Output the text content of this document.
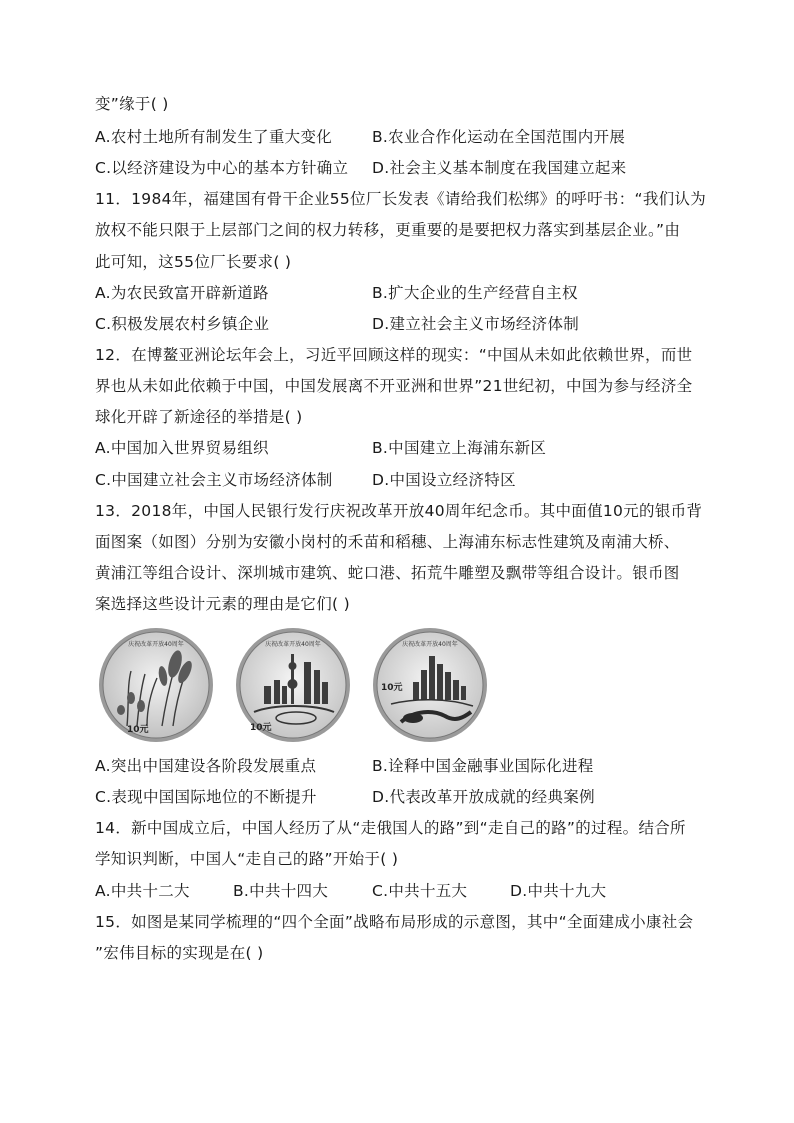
变”缘于( )
A.农村土地所有制发生了重大变化	B.农业合作化运动在全国范围内开展
C.以经济建设为中心的基本方针确立 D.社会主义基本制度在我国建立起来
11．1984年，福建国有骨干企业55位厂长发表《请给我们松绑》的呼吁书：“我们认为
放权不能只限于上层部门之间的权力转移，更重要的是要把权力落实到基层企业。”由
此可知，这55位厂长要求( )
A.为农民致富开辟新道路	B.扩大企业的生产经营自主权
C.积极发展农村乡镇企业	D.建立社会主义市场经济体制
12．在博鳌亚洲论坛年会上，习近平回顾这样的现实：“中国从未如此依赖世界，而世
界也从未如此依赖于中国，中国发展离不开亚洲和世界”21世纪初，中国为参与经济全
球化开辟了新途径的举措是( )
A.中国加入世界贸易组织	B.中国建立上海浦东新区
C.中国建立社会主义市场经济体制	D.中国设立经济特区
13．2018年，中国人民银行发行庆祝改革开放40周年纪念币。其中面值10元的银币背
面图案（如图）分别为安徽小岗村的禾苗和稻穗、上海浦东标志性建筑及南浦大桥、
黄浦江等组合设计、深圳城市建筑、蛇口港、拓荒牛雕塑及飘带等组合设计。银币图
案选择这些设计元素的理由是它们( )
庆祝改革开放40周年
10元
庆祝改革开放40周年
10元
庆祝改革开放40周年
10元
A.突出中国建设各阶段发展重点	B.诠释中国金融事业国际化进程
C.表现中国国际地位的不断提升	D.代表改革开放成就的经典案例
14．新中国成立后，中国人经历了从“走俄国人的路”到“走自己的路”的过程。结合所
学知识判断，中国人“走自己的路”开始于( )
A.中共十二大	B.中共十四大	C.中共十五大	D.中共十九大
15．如图是某同学梳理的“四个全面”战略布局形成的示意图，其中“全面建成小康社会
”宏伟目标的实现是在( )
